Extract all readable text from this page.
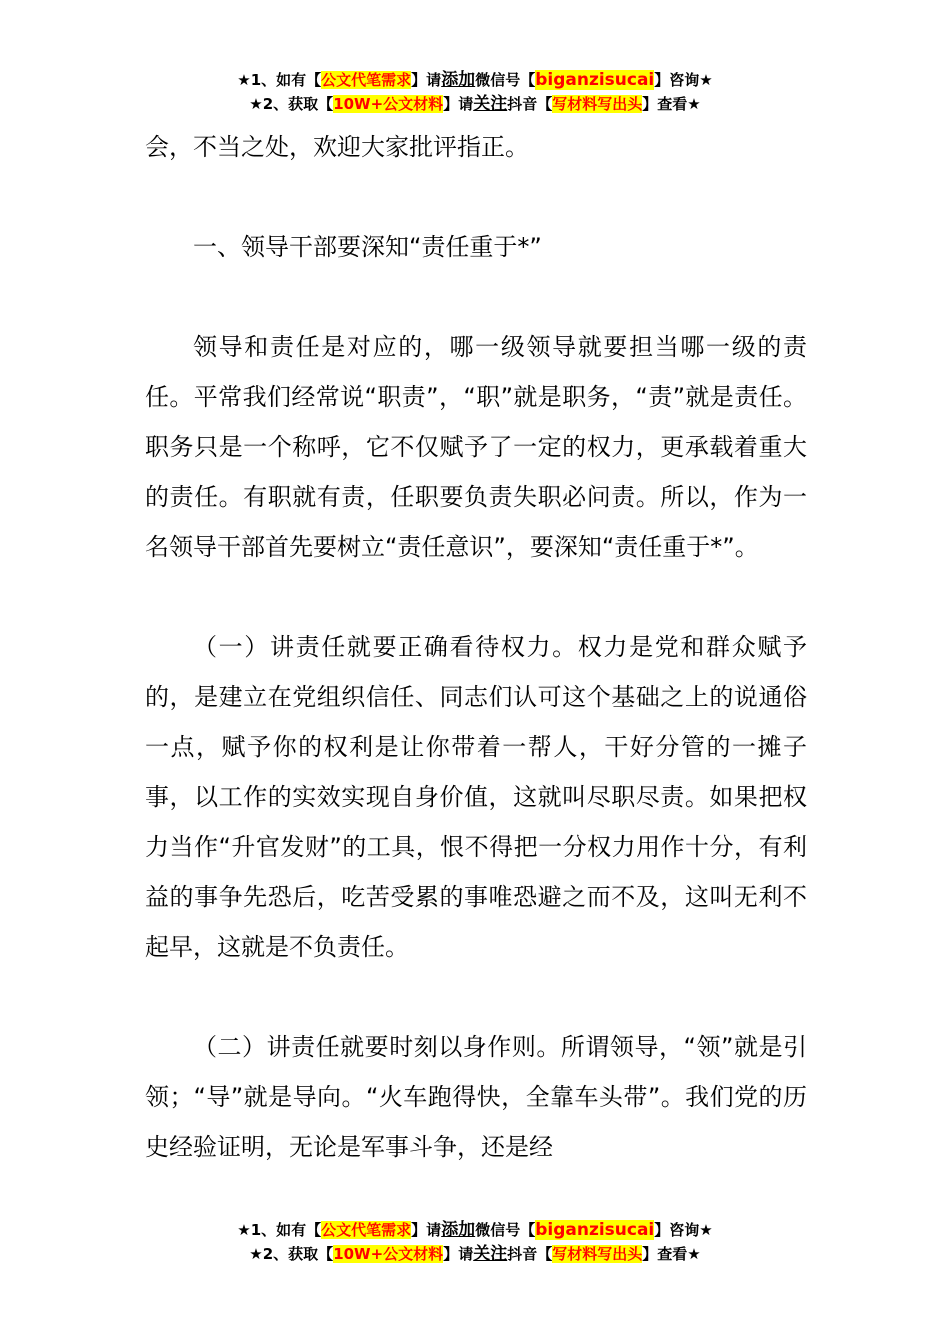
★1、如有【公文代笔需求】请添加微信号【biganzisucai】咨询★
★2、获取【10W+公文材料】请关注抖音【写材料写出头】查看★

会，不当之处，欢迎大家批评指正。

一、领导干部要深知“责任重于*”

领导和责任是对应的，哪一级领导就要担当哪一级的责任。平常我们经常说“职责”，“职”就是职务，“责”就是责任。职务只是一个称呼，它不仅赋予了一定的权力，更承载着重大的责任。有职就有责，任职要负责失职必问责。所以，作为一名领导干部首先要树立“责任意识”，要深知“责任重于*”。

（一）讲责任就要正确看待权力。权力是党和群众赋予的，是建立在党组织信任、同志们认可这个基础之上的说通俗一点，赋予你的权利是让你带着一帮人，干好分管的一摊子事，以工作的实效实现自身价值，这就叫尽职尽责。如果把权力当作“升官发财”的工具，恨不得把一分权力用作十分，有利益的事争先恐后，吃苦受累的事唯恐避之而不及，这叫无利不起早，这就是不负责任。

（二）讲责任就要时刻以身作则。所谓领导，“领”就是引领；“导”就是导向。“火车跑得快，全靠车头带”。我们党的历史经验证明，无论是军事斗争，还是经

★1、如有【公文代笔需求】请添加微信号【biganzisucai】咨询★
★2、获取【10W+公文材料】请关注抖音【写材料写出头】查看★
